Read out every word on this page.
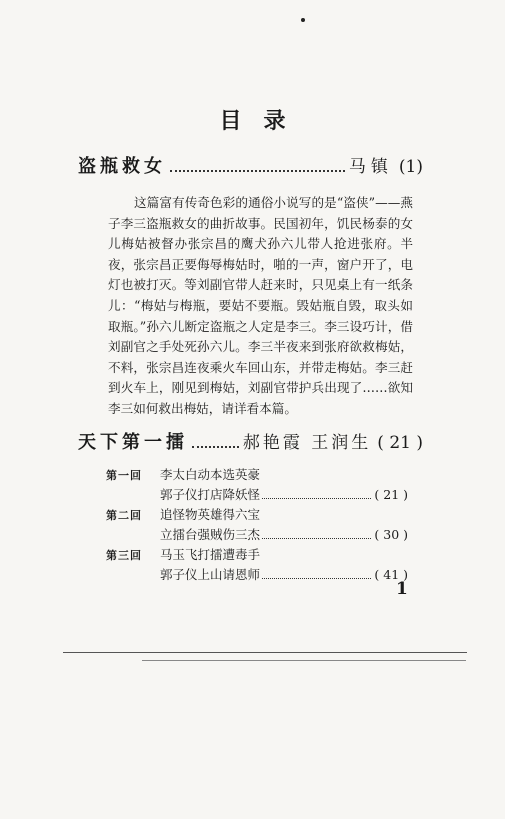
目录
盗瓶救女	马镇 (1)

这篇富有传奇色彩的通俗小说写的是“盗侠”——燕子李三盗瓶救女的曲折故事。民国初年，饥民杨泰的女儿梅姑被督办张宗昌的鹰犬孙六儿带人抢进张府。半夜，张宗昌正要侮辱梅姑时，啪的一声，窗户开了，电灯也被打灭。等刘副官带人赶来时，只见桌上有一纸条儿：“梅姑与梅瓶，要姑不要瓶。毁姑瓶自毁，取头如取瓶。”孙六儿断定盗瓶之人定是李三。李三设巧计，借刘副官之手处死孙六儿。李三半夜来到张府欲救梅姑，不料，张宗昌连夜乘火车回山东，并带走梅姑。李三赶到火车上，刚见到梅姑，刘副官带护兵出现了……欲知李三如何救出梅姑，请详看本篇。

天下第一擂	郝艳霞 王润生 ( 21 )
第一回	李太白动本选英豪
郭子仪打店降妖怪	( 21 )
第二回	追怪物英雄得六宝
立擂台强贼伤三杰	( 30 )
第三回	马玉飞打擂遭毒手
郭子仪上山请恩师	( 41 )
1
